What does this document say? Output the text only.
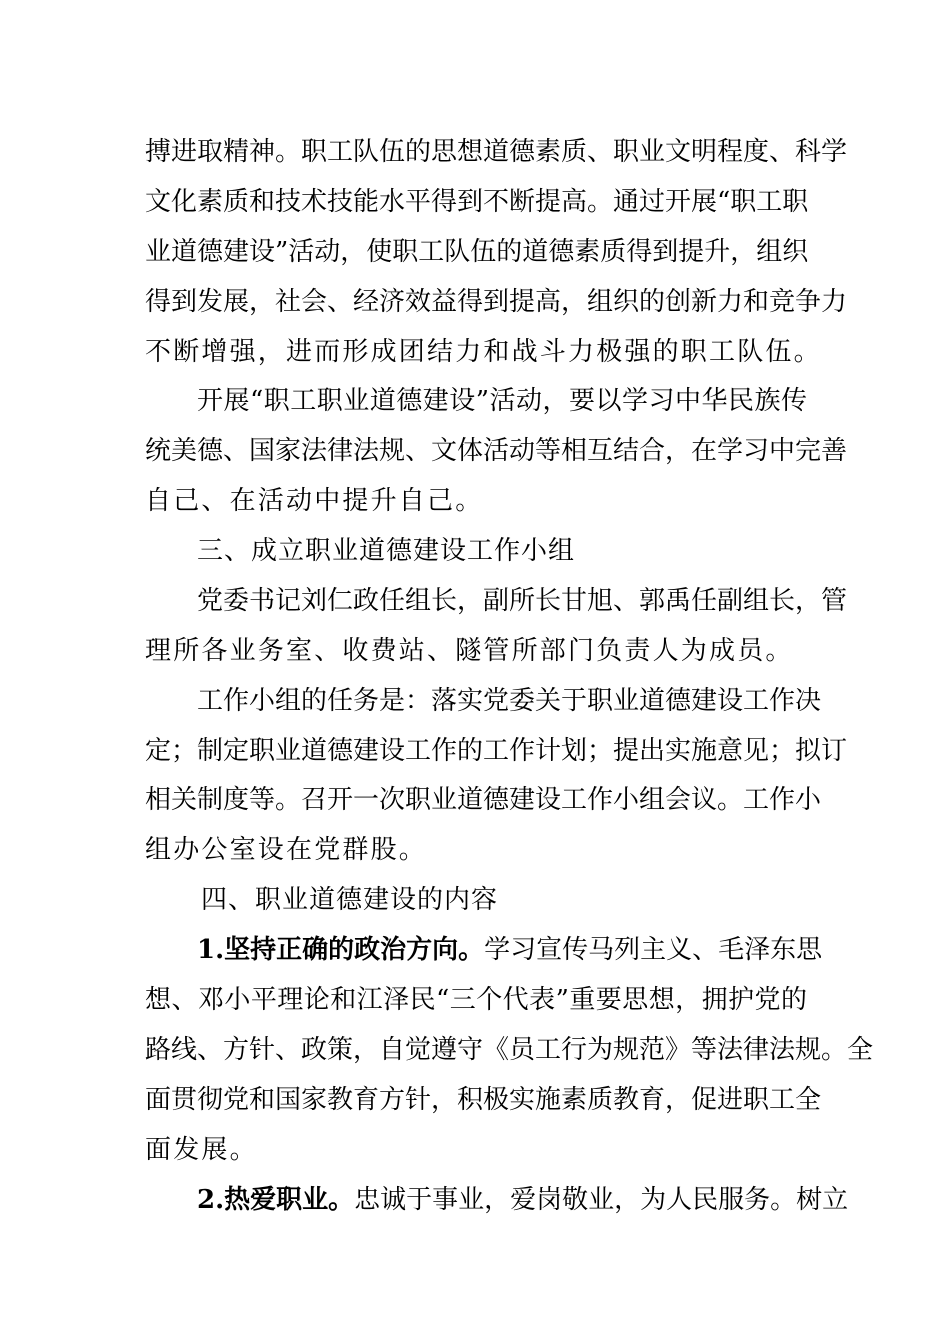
搏进取精神。职工队伍的思想道德素质、职业文明程度、科学
文化素质和技术技能水平得到不断提高。通过开展“职工职
业道德建设”活动，使职工队伍的道德素质得到提升，组织
得到发展，社会、经济效益得到提高，组织的创新力和竞争力
不断增强，进而形成团结力和战斗力极强的职工队伍。
开展“职工职业道德建设”活动，要以学习中华民族传
统美德、国家法律法规、文体活动等相互结合，在学习中完善
自己、在活动中提升自己。
三、成立职业道德建设工作小组
党委书记刘仁政任组长，副所长甘旭、郭禹任副组长，管
理所各业务室、收费站、隧管所部门负责人为成员。
工作小组的任务是：落实党委关于职业道德建设工作决
定；制定职业道德建设工作的工作计划；提出实施意见；拟订
相关制度等。召开一次职业道德建设工作小组会议。工作小
组办公室设在党群股。
四、职业道德建设的内容
1.坚持正确的政治方向。学习宣传马列主义、毛泽东思
想、邓小平理论和江泽民“三个代表”重要思想，拥护党的
路线、方针、政策，自觉遵守《员工行为规范》等法律法规。全
面贯彻党和国家教育方针，积极实施素质教育，促进职工全
面发展。
2.热爱职业。忠诚于事业，爱岗敬业，为人民服务。树立
